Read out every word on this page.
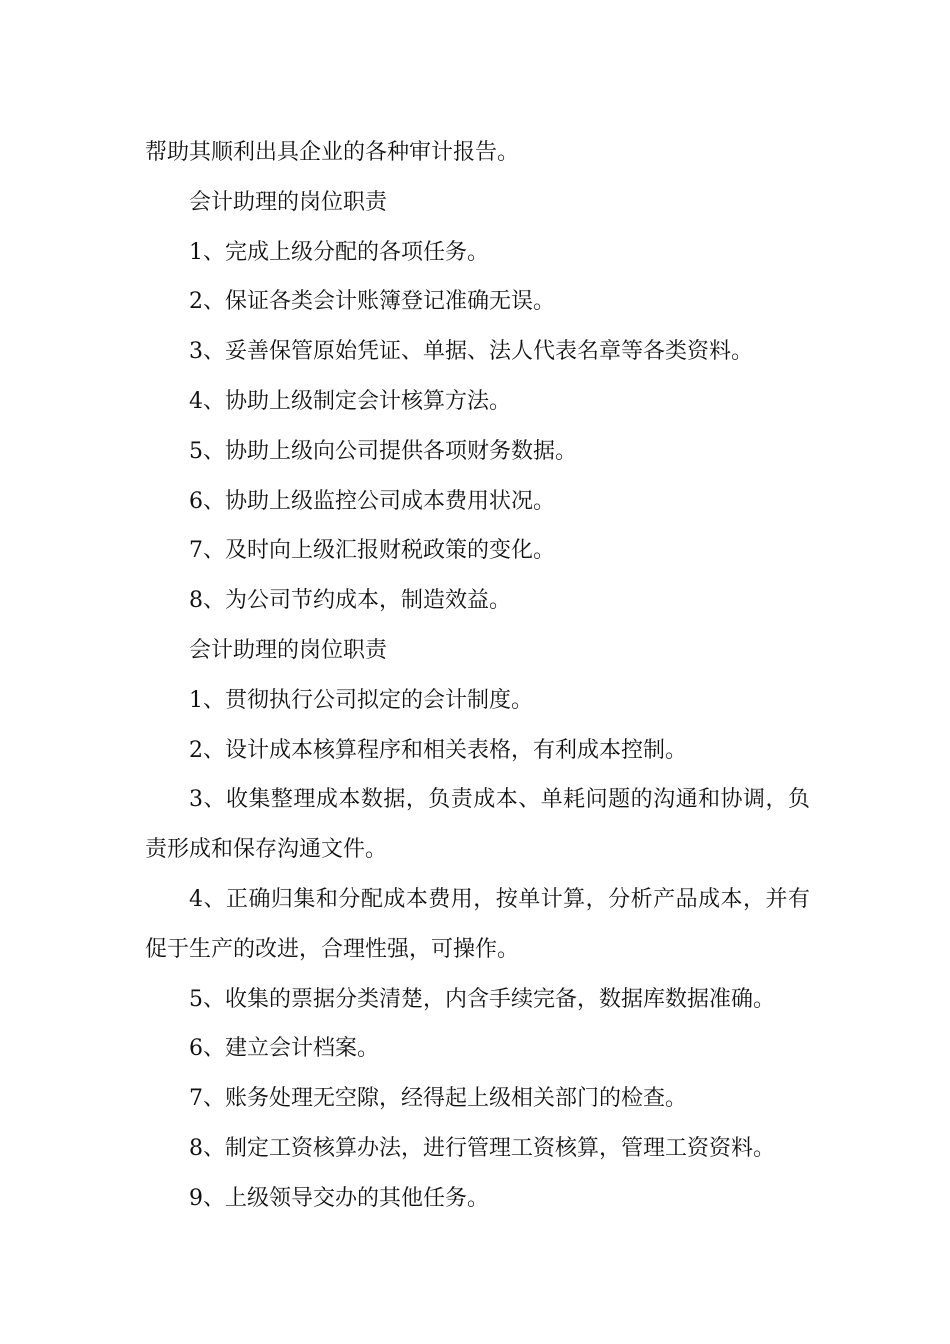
帮助其顺利出具企业的各种审计报告。

会计助理的岗位职责

1、完成上级分配的各项任务。

2、保证各类会计账簿登记准确无误。

3、妥善保管原始凭证、单据、法人代表名章等各类资料。

4、协助上级制定会计核算方法。

5、协助上级向公司提供各项财务数据。

6、协助上级监控公司成本费用状况。

7、及时向上级汇报财税政策的变化。

8、为公司节约成本，制造效益。

会计助理的岗位职责

1、贯彻执行公司拟定的会计制度。

2、设计成本核算程序和相关表格，有利成本控制。

3、收集整理成本数据，负责成本、单耗问题的沟通和协调，负责形成和保存沟通文件。

4、正确归集和分配成本费用，按单计算，分析产品成本，并有促于生产的改进，合理性强，可操作。

5、收集的票据分类清楚，内含手续完备，数据库数据准确。

6、建立会计档案。

7、账务处理无空隙，经得起上级相关部门的检查。

8、制定工资核算办法，进行管理工资核算，管理工资资料。

9、上级领导交办的其他任务。
